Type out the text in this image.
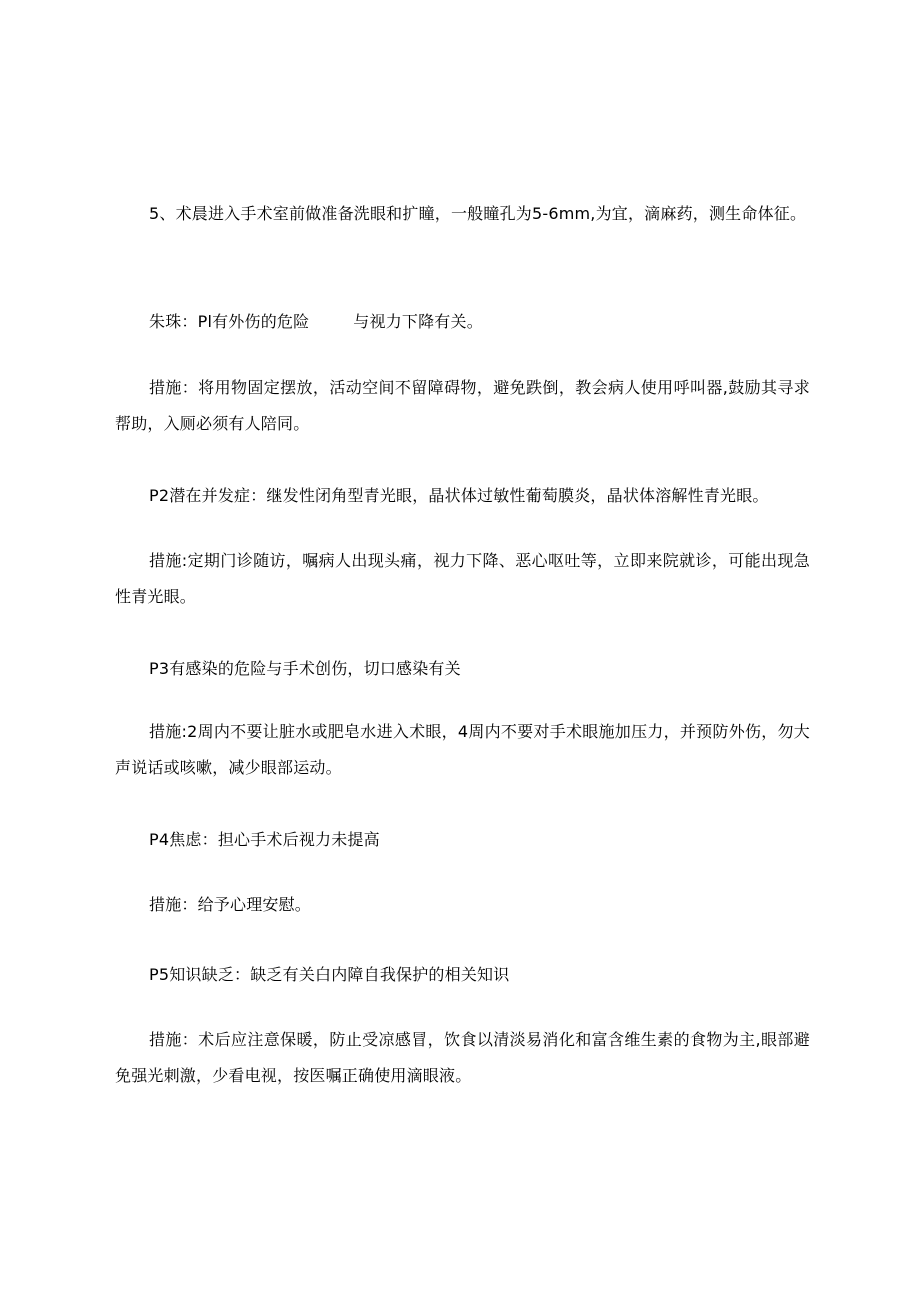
5、术晨进入手术室前做准备洗眼和扩瞳，一般瞳孔为5-6mm,为宜，滴麻药，测生命体征。

朱珠：Pl有外伤的危险	与视力下降有关。

措施：将用物固定摆放，活动空间不留障碍物，避免跌倒，教会病人使用呼叫器,鼓励其寻求帮助，入厕必须有人陪同。

P2潜在并发症：继发性闭角型青光眼，晶状体过敏性葡萄膜炎，晶状体溶解性青光眼。

措施:定期门诊随访，嘱病人出现头痛，视力下降、恶心呕吐等，立即来院就诊，可能出现急性青光眼。

P3有感染的危险与手术创伤，切口感染有关

措施:2周内不要让脏水或肥皂水进入术眼，4周内不要对手术眼施加压力，并预防外伤，勿大声说话或咳嗽，减少眼部运动。

P4焦虑：担心手术后视力未提高

措施：给予心理安慰。

P5知识缺乏：缺乏有关白内障自我保护的相关知识

措施：术后应注意保暖，防止受凉感冒，饮食以清淡易消化和富含维生素的食物为主,眼部避免强光刺激，少看电视，按医嘱正确使用滴眼液。
